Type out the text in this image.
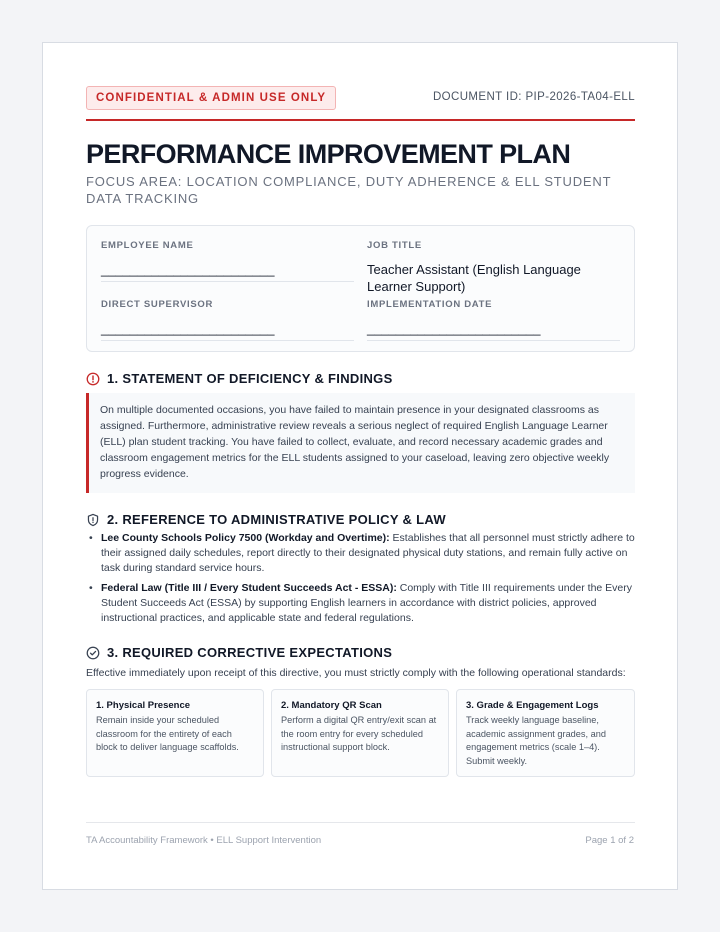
CONFIDENTIAL & ADMIN USE ONLY	DOCUMENT ID: PIP-2026-TA04-ELL
PERFORMANCE IMPROVEMENT PLAN
FOCUS AREA: LOCATION COMPLIANCE, DUTY ADHERENCE & ELL STUDENT DATA TRACKING
EMPLOYEE NAME
________________________
JOB TITLE
Teacher Assistant (English Language Learner Support)
DIRECT SUPERVISOR
________________________
IMPLEMENTATION DATE
________________________
1. STATEMENT OF DEFICIENCY & FINDINGS
On multiple documented occasions, you have failed to maintain presence in your designated classrooms as assigned. Furthermore, administrative review reveals a serious neglect of required English Language Learner (ELL) plan student tracking. You have failed to collect, evaluate, and record necessary academic grades and classroom engagement metrics for the ELL students assigned to your caseload, leaving zero objective weekly progress evidence.
2. REFERENCE TO ADMINISTRATIVE POLICY & LAW
• Lee County Schools Policy 7500 (Workday and Overtime): Establishes that all personnel must strictly adhere to their assigned daily schedules, report directly to their designated physical duty stations, and remain fully active on task during standard service hours.
• Federal Law (Title III / Every Student Succeeds Act - ESSA): Comply with Title III requirements under the Every Student Succeeds Act (ESSA) by supporting English learners in accordance with district policies, approved instructional practices, and applicable state and federal regulations.
3. REQUIRED CORRECTIVE EXPECTATIONS
Effective immediately upon receipt of this directive, you must strictly comply with the following operational standards:
1. Physical Presence
Remain inside your scheduled classroom for the entirety of each block to deliver language scaffolds.
2. Mandatory QR Scan
Perform a digital QR entry/exit scan at the room entry for every scheduled instructional support block.
3. Grade & Engagement Logs
Track weekly language baseline, academic assignment grades, and engagement metrics (scale 1–4). Submit weekly.
TA Accountability Framework • ELL Support Intervention	Page 1 of 2
